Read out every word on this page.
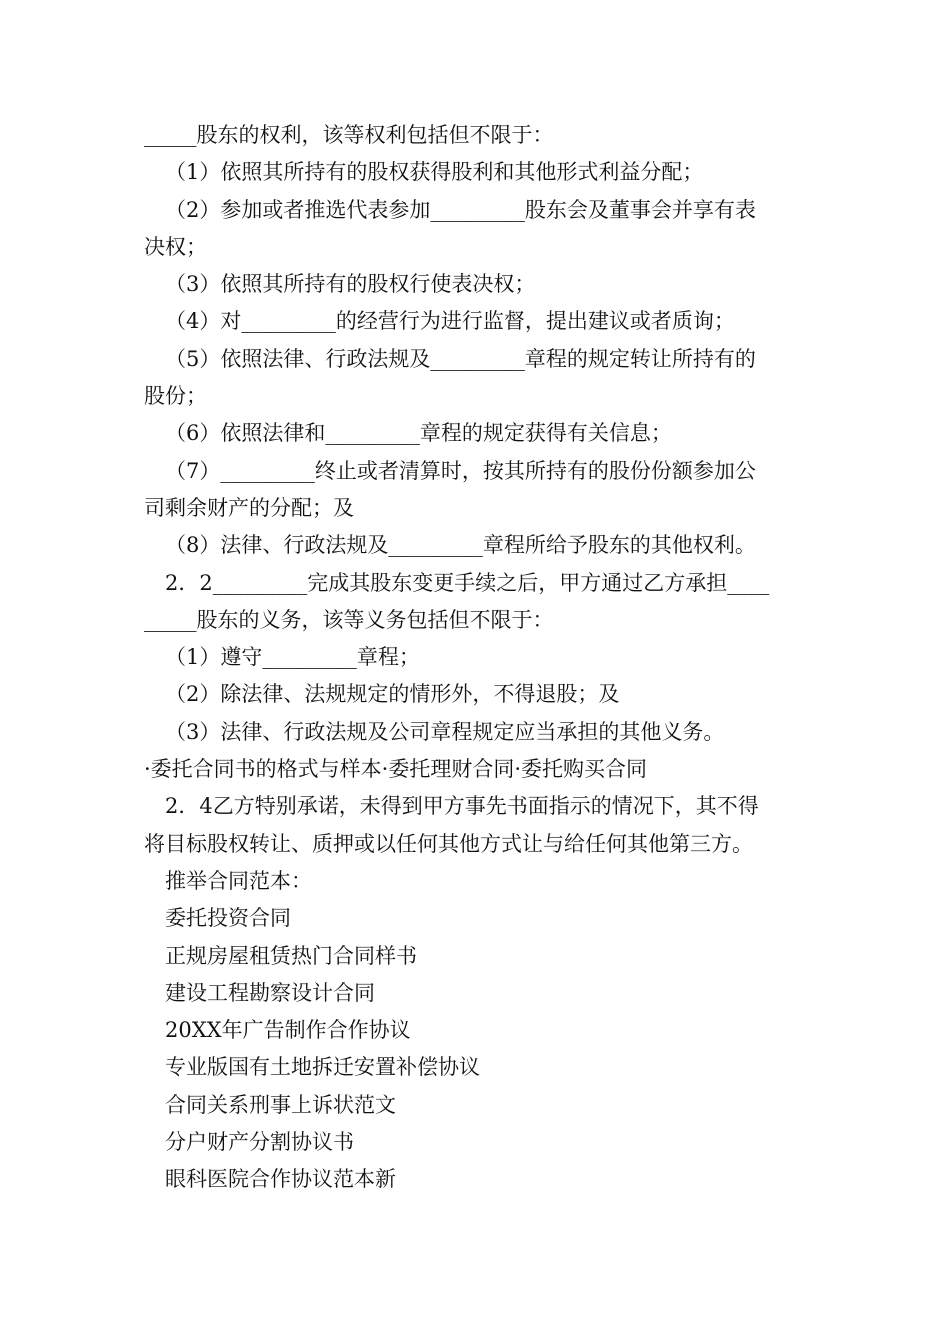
_____股东的权利，该等权利包括但不限于：
（1）依照其所持有的股权获得股利和其他形式利益分配；
（2）参加或者推选代表参加_________股东会及董事会并享有表
决权；
（3）依照其所持有的股权行使表决权；
（4）对_________的经营行为进行监督，提出建议或者质询；
（5）依照法律、行政法规及_________章程的规定转让所持有的
股份；
（6）依照法律和_________章程的规定获得有关信息；
（7）_________终止或者清算时，按其所持有的股份份额参加公
司剩余财产的分配；及
（8）法律、行政法规及_________章程所给予股东的其他权利。
2．2_________完成其股东变更手续之后，甲方通过乙方承担____
_____股东的义务，该等义务包括但不限于：
（1）遵守_________章程；
（2）除法律、法规规定的情形外，不得退股；及
（3）法律、行政法规及公司章程规定应当承担的其他义务。
·委托合同书的格式与样本·委托理财合同·委托购买合同
2．4乙方特别承诺，未得到甲方事先书面指示的情况下，其不得
将目标股权转让、质押或以任何其他方式让与给任何其他第三方。
推举合同范本：
委托投资合同
正规房屋租赁热门合同样书
建设工程勘察设计合同
20XX年广告制作合作协议
专业版国有土地拆迁安置补偿协议
合同关系刑事上诉状范文
分户财产分割协议书
眼科医院合作协议范本新
